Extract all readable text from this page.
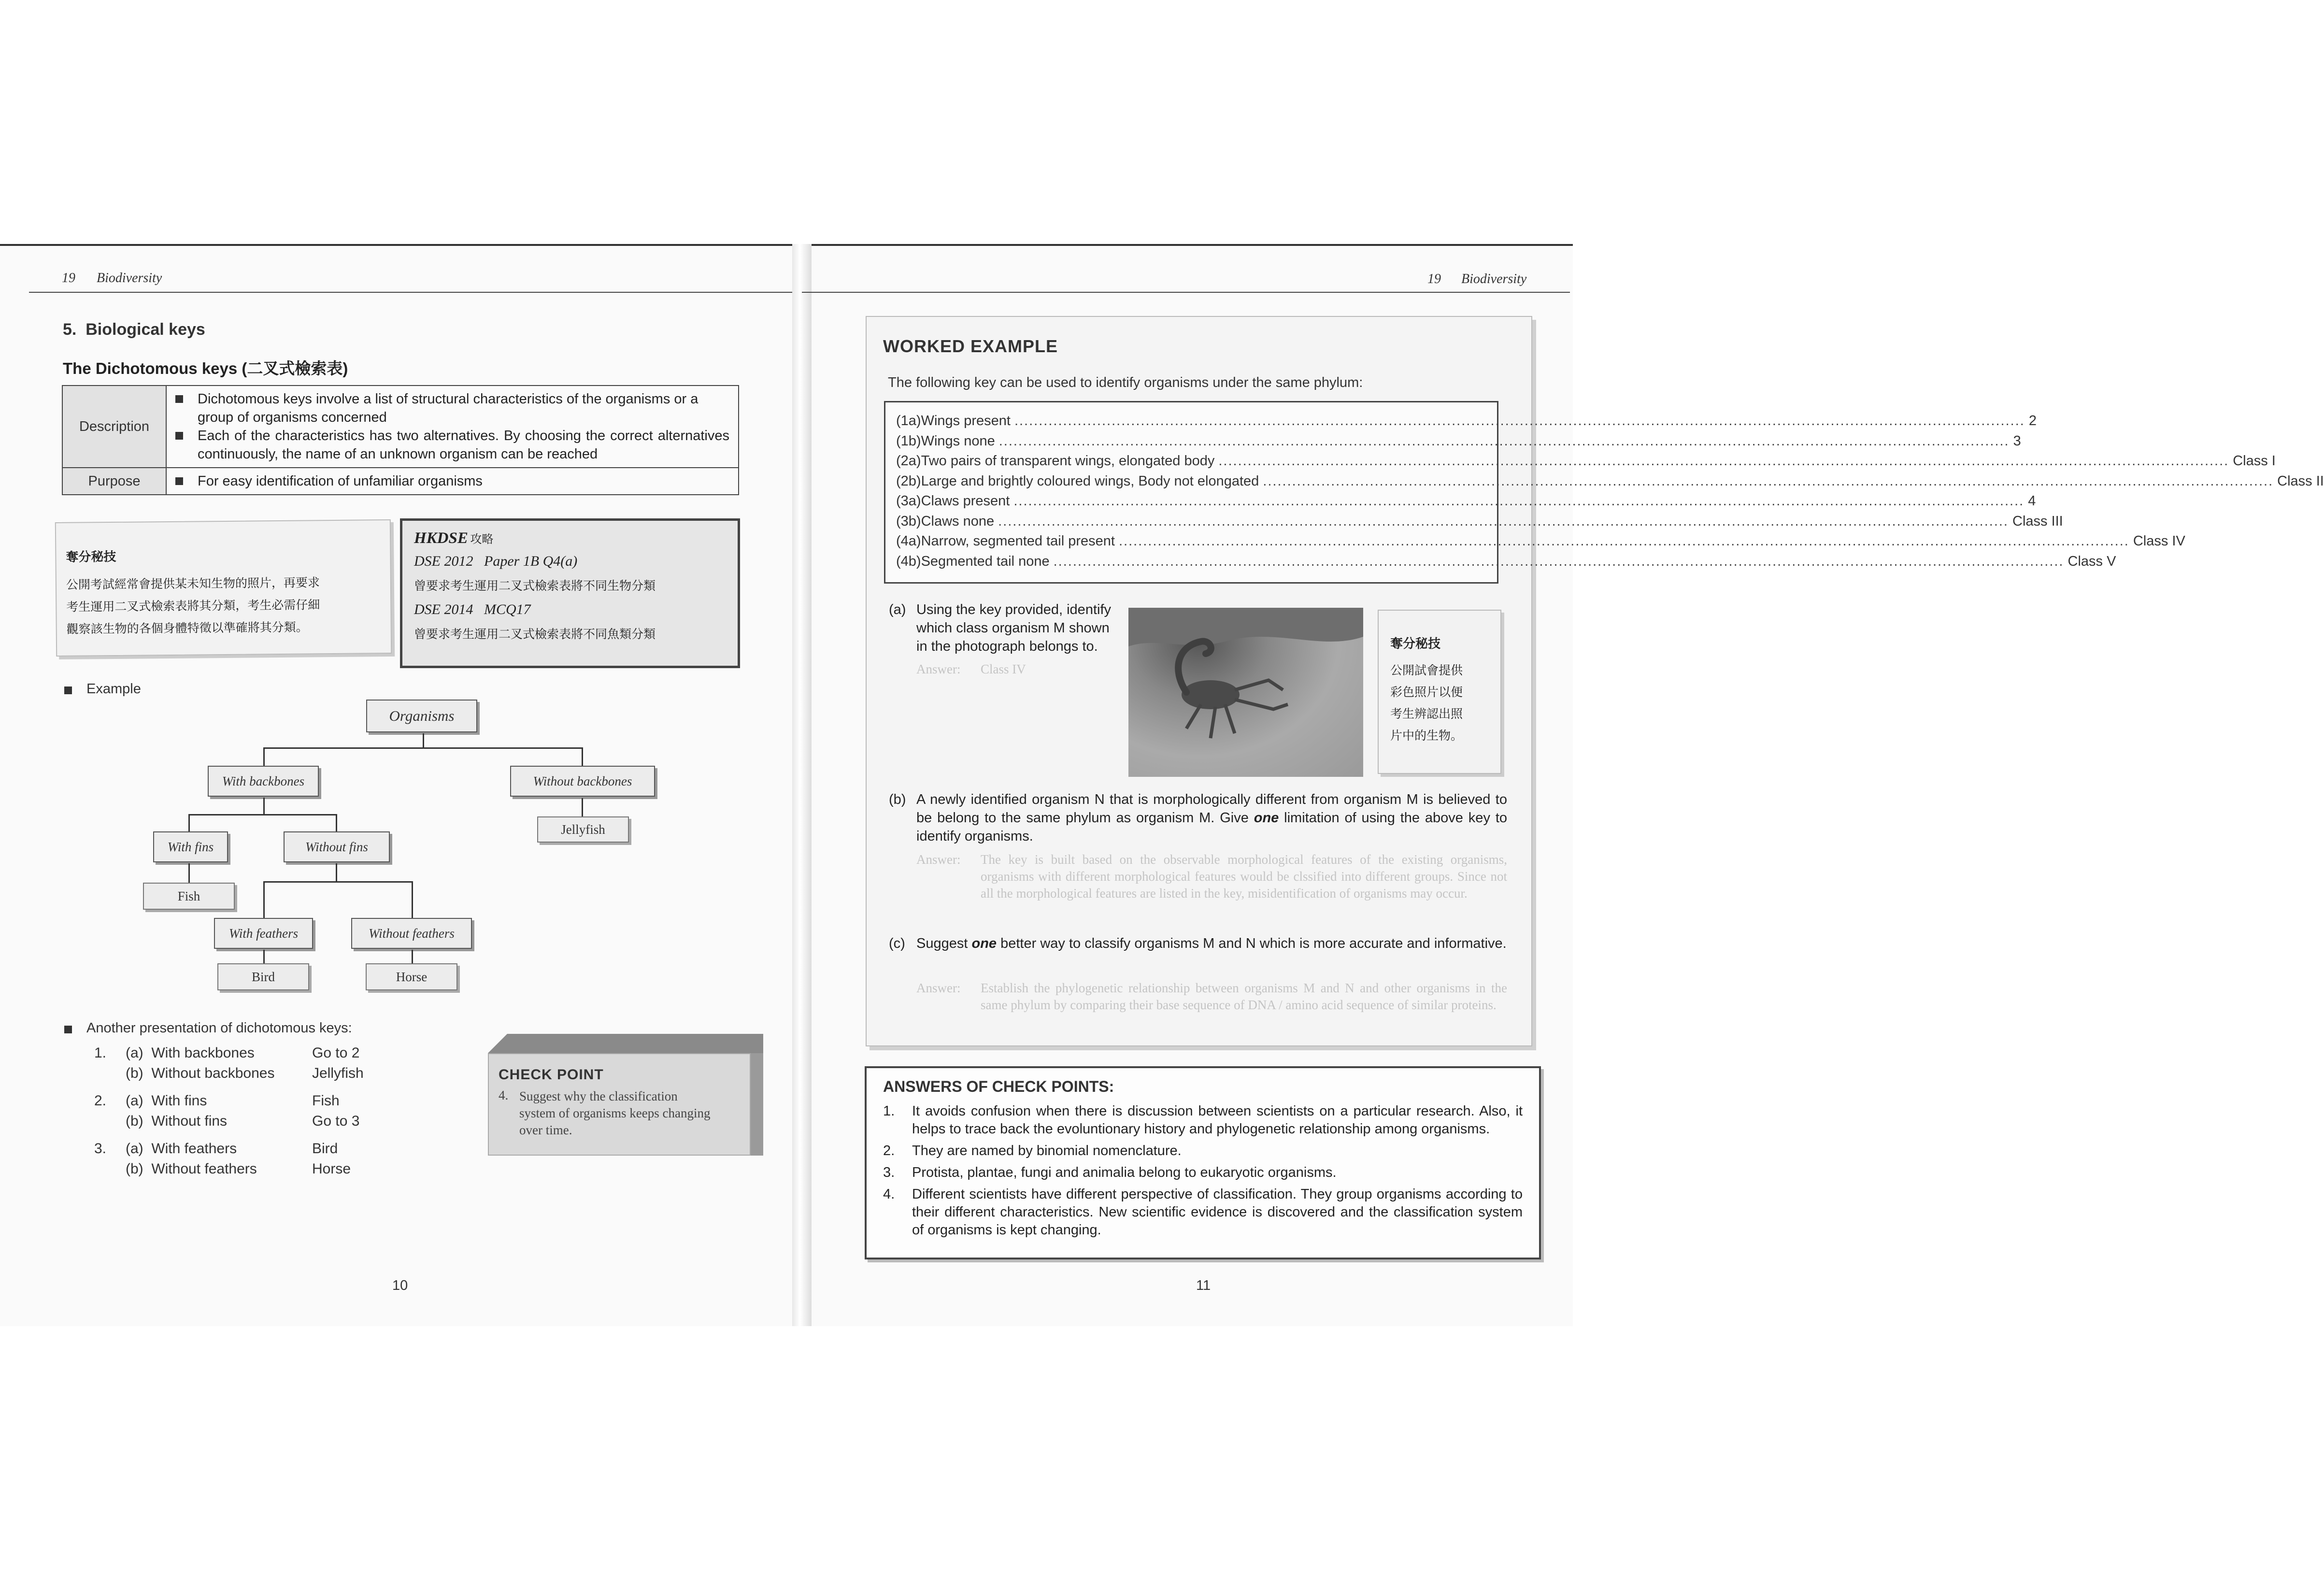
19 Biodiversity
5.  Biological keys
The Dichotomous keys (二叉式檢索表)
Description	Dichotomous keys involve a list of structural characteristics of the organisms or a group of organisms concerned
Each of the characteristics has two alternatives. By choosing the correct alternatives continuously, the name of an unknown organism can be reached

Purpose	For easy identification of unfamiliar organisms
奪分秘技
公開考試經常會提供某未知生物的照片，再要求
考生運用二叉式檢索表將其分類，考生必需仔細
觀察該生物的各個身體特徵以準確將其分類。
HKDSE 攻略
DSE 2012   Paper 1B Q4(a)
曾要求考生運用二叉式檢索表將不同生物分類
DSE 2014   MCQ17
曾要求考生運用二叉式檢索表將不同魚類分類
Example
Organisms
With backbones	Without backbones
Jellyfish
With fins	Without fins
Fish
With feathers	Without feathers
Bird	Horse
Another presentation of dichotomous keys:
1. (a)  With backbones	Go to 2
(b)  Without backbones	Jellyfish
2. (a)  With fins	Fish
(b)  Without fins	Go to 3
3. (a)  With feathers	Bird
(b)  Without feathers	Horse
CHECK POINT
4. Suggest why the classification system of organisms keeps changing over time.
10
19 Biodiversity
WORKED EXAMPLE
The following key can be used to identify organisms under the same phylum:
(1a) Wings present ................................................................................................................................................................................................................ 2
(1b) Wings none ................................................................................................................................................................................................................ 3
(2a) Two pairs of transparent wings, elongated body ................................................................................................................................................................................................................ Class I
(2b) Large and brightly coloured wings, Body not elongated ................................................................................................................................................................................................................ Class II
(3a) Claws present ................................................................................................................................................................................................................ 4
(3b) Claws none ................................................................................................................................................................................................................ Class III
(4a) Narrow, segmented tail present ................................................................................................................................................................................................................ Class IV
(4b) Segmented tail none ................................................................................................................................................................................................................ Class V
(a) Using the key provided, identify which class organism M shown in the photograph belongs to.
Answer: Class IV
奪分秘技
公開試會提供
彩色照片以便
考生辨認出照
片中的生物。
(b) A newly identified organism N that is morphologically different from organism M is believed to be belong to the same phylum as organism M. Give one limitation of using the above key to identify organisms.
Answer: The key is built based on the observable morphological features of the existing organisms, organisms with different morphological features would be clssified into different groups. Since not all the morphological features are listed in the key, misidentification of organisms may occur.
(c) Suggest one better way to classify organisms M and N which is more accurate and informative.
Answer: Establish the phylogenetic relationship between organisms M and N and other organisms in the same phylum by comparing their base sequence of DNA / amino acid sequence of similar proteins.
ANSWERS OF CHECK POINTS:
1.	It avoids confusion when there is discussion between scientists on a particular research. Also, it helps to trace back the evoluntionary history and phylogenetic relationship among organisms.
2.	They are named by binomial nomenclature.
3.	Protista, plantae, fungi and animalia belong to eukaryotic organisms.
4.	Different scientists have different perspective of classification. They group organisms according to their different characteristics. New scientific evidence is discovered and the classification system of organisms is kept changing.
11
